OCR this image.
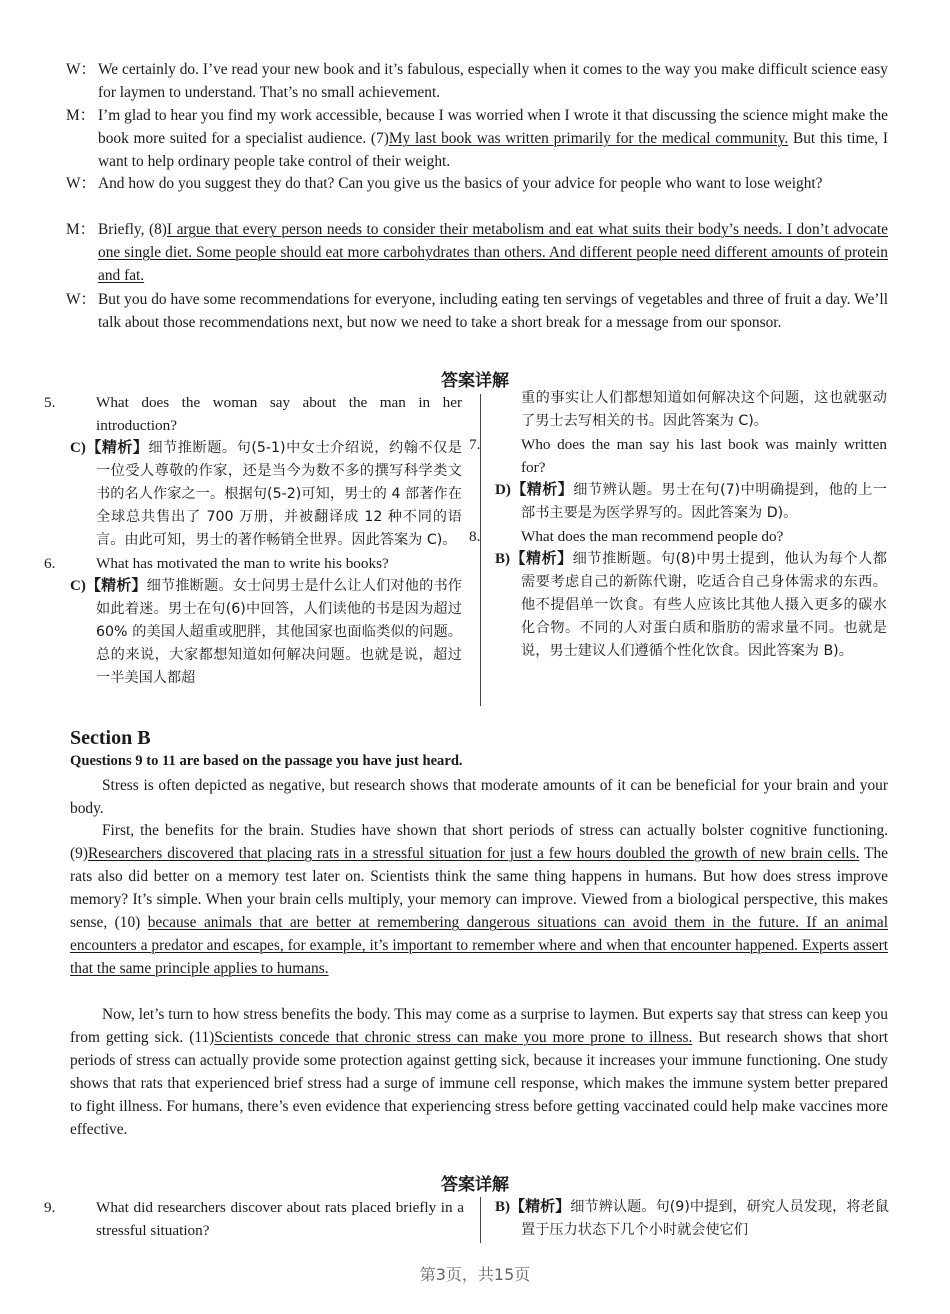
W： We certainly do. I’ve read your new book and it’s fabulous, especially when it comes to the way you make difficult science easy for laymen to understand. That’s no small achievement.
M： I’m glad to hear you find my work accessible, because I was worried when I wrote it that discussing the science might make the book more suited for a specialist audience. (7)My last book was written primarily for the medical community. But this time, I want to help ordinary people take control of their weight.
W： And how do you suggest they do that? Can you give us the basics of your advice for people who want to lose weight?
M： Briefly, (8)I argue that every person needs to consider their metabolism and eat what suits their body’s needs. I don’t advocate one single diet. Some people should eat more carbohydrates than others. And different people need different amounts of protein and fat.
W： But you do have some recommendations for everyone, including eating ten servings of vegetables and three of fruit a day. We’ll talk about those recommendations next, but now we need to take a short break for a message from our sponsor.
答案详解
5.	What does the woman say about the man in her introduction?
C)【精析】细节推断题。句(5-1)中女士介绍说，约翰不仅是一位受人尊敬的作家，还是当今为数不多的撰写科学类文书的名人作家之一。根据句(5-2)可知，男士的 4 部著作在全球总共售出了 700 万册，并被翻译成 12 种不同的语言。由此可知，男士的著作畅销全世界。因此答案为 C)。
6.	What has motivated the man to write his books?
C)【精析】细节推断题。女士问男士是什么让人们对他的书作如此着迷。男士在句(6)中回答，人们读他的书是因为超过 60% 的美国人超重或肥胖，其他国家也面临类似的问题。总的来说，大家都想知道如何解决问题。也就是说，超过一半美国人都超
重的事实让人们都想知道如何解决这个问题，这也就驱动了男士去写相关的书。因此答案为 C)。
7.	Who does the man say his last book was mainly written for?
D)【精析】细节辨认题。男士在句(7)中明确提到，他的上一部书主要是为医学界写的。因此答案为 D)。
8.	What does the man recommend people do?
B)【精析】细节推断题。句(8)中男士提到，他认为每个人都需要考虑自己的新陈代谢，吃适合自己身体需求的东西。他不提倡单一饮食。有些人应该比其他人摄入更多的碳水化合物。不同的人对蛋白质和脂肪的需求量不同。也就是说，男士建议人们遵循个性化饮食。因此答案为 B)。
Section B
Questions 9 to 11 are based on the passage you have just heard.
Stress is often depicted as negative, but research shows that moderate amounts of it can be beneficial for your brain and your body.
First, the benefits for the brain. Studies have shown that short periods of stress can actually bolster cognitive functioning. (9)Researchers discovered that placing rats in a stressful situation for just a few hours doubled the growth of new brain cells. The rats also did better on a memory test later on. Scientists think the same thing happens in humans. But how does stress improve memory? It’s simple. When your brain cells multiply, your memory can improve. Viewed from a biological perspective, this makes sense, (10) because animals that are better at remembering dangerous situations can avoid them in the future. If an animal encounters a predator and escapes, for example, it’s important to remember where and when that encounter happened. Experts assert that the same principle applies to humans.
Now, let’s turn to how stress benefits the body. This may come as a surprise to laymen. But experts say that stress can keep you from getting sick. (11)Scientists concede that chronic stress can make you more prone to illness. But research shows that short periods of stress can actually provide some protection against getting sick, because it increases your immune functioning. One study shows that rats that experienced brief stress had a surge of immune cell response, which makes the immune system better prepared to fight illness. For humans, there’s even evidence that experiencing stress before getting vaccinated could help make vaccines more effective.
答案详解
9.	What did researchers discover about rats placed briefly in a stressful situation?
B)【精析】细节辨认题。句(9)中提到，研究人员发现，将老鼠置于压力状态下几个小时就会使它们
第3页，共15页
